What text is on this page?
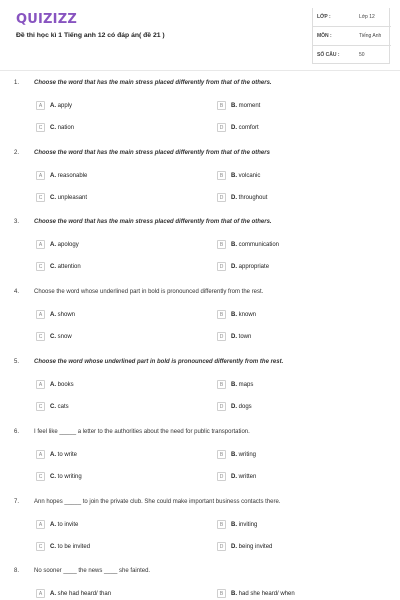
QUIZIZZ
Đề thi học kì 1 Tiếng anh 12 có đáp án( đề 21 )
LỚP :	Lớp 12
MÔN :	Tiếng Anh
SỐ CÂU :	50
1. Choose the word that has the main stress placed differently from that of the others.
A	A. apply	B	B. moment
C	C. nation	D	D. comfort
2. Choose the word that has the main stress placed differently from that of the others
A	A. reasonable	B	B. volcanic
C	C. unpleasant	D	D. throughout
3. Choose the word that has the main stress placed differently from that of the others.
A	A. apology	B	B. communication
C	C. attention	D	D. appropriate
4. Choose the word whose underlined part in bold is pronounced differently from the rest.
A	A. shown	B	B. known
C	C. snow	D	D. town
5. Choose the word whose underlined part in bold is pronounced differently from the rest.
A	A. books	B	B. maps
C	C. cats	D	D. dogs
6. I feel like _____ a letter to the authorities about the need for public transportation.
A	A. to write	B	B. writing
C	C. to writing	D	D. written
7. Ann hopes _____ to join the private club. She could make important business contacts there.
A	A. to invite	B	B. inviting
C	C. to be invited	D	D. being invited
8. No sooner ____ the news ____ she fainted.
A	A. she had heard/ than	B	B. had she heard/ when
